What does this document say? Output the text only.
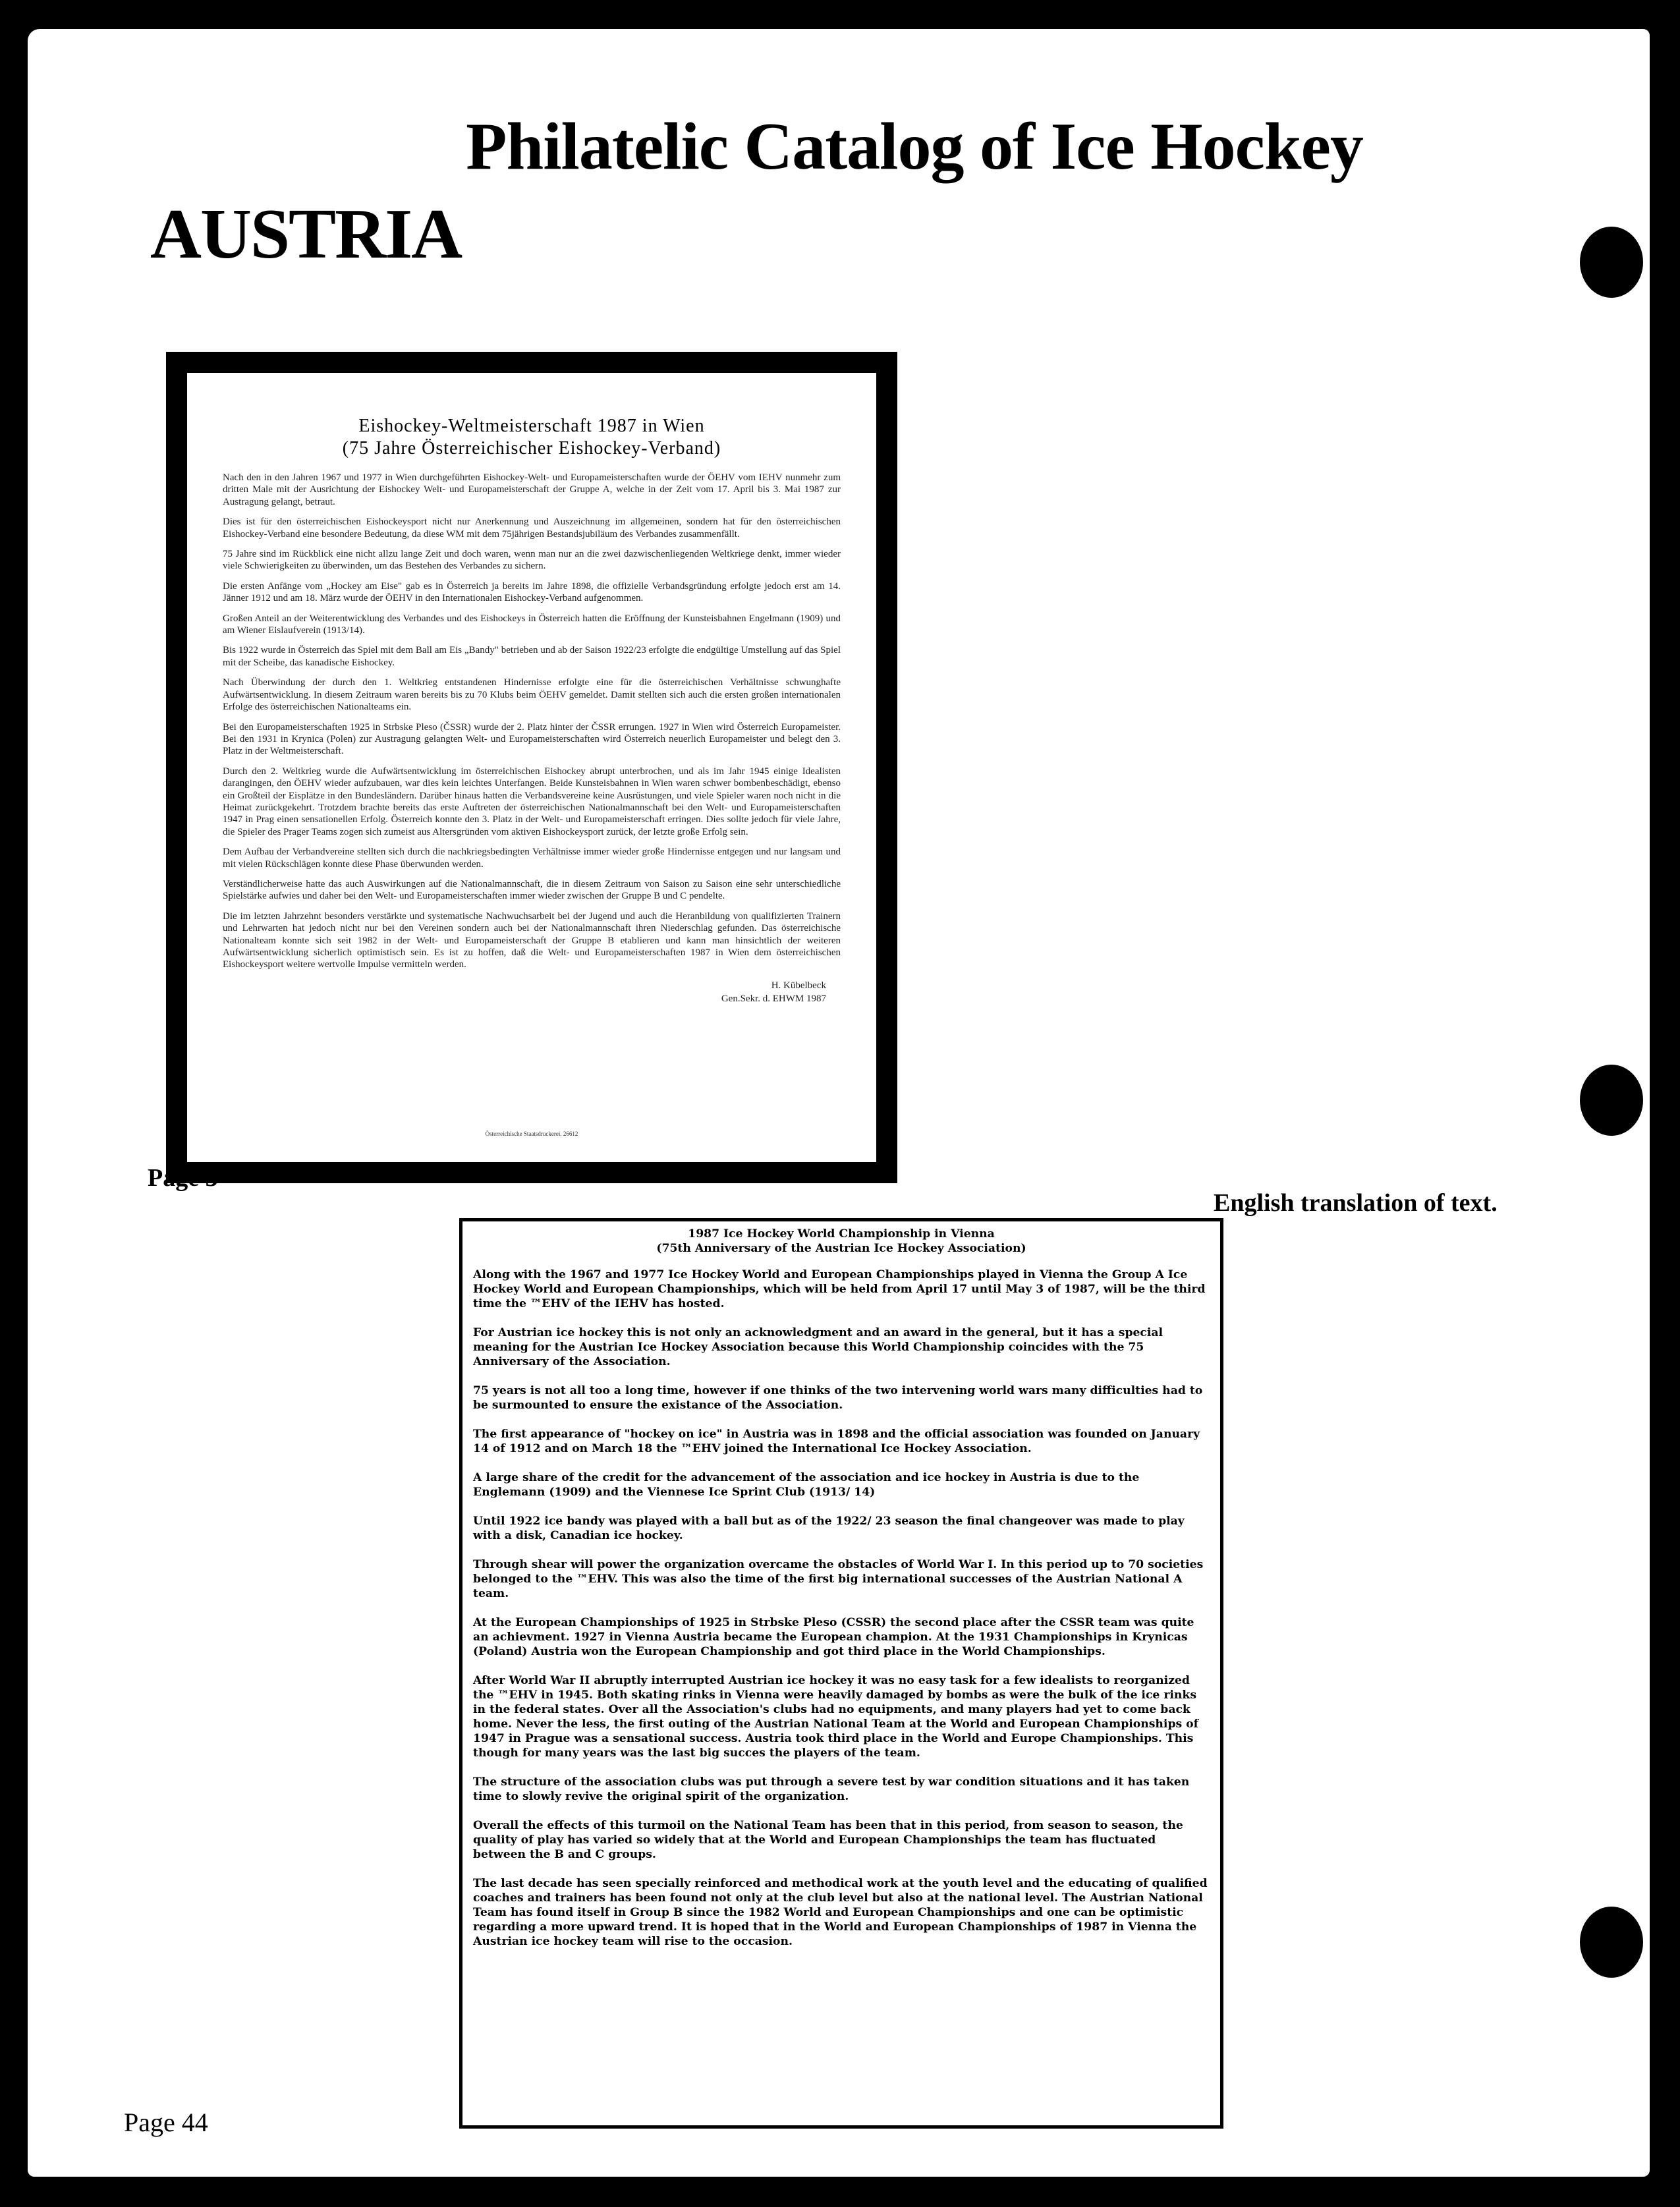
Philatelic Catalog of Ice Hockey
AUSTRIA
Eishockey-Weltmeisterschaft 1987 in Wien
(75 Jahre Österreichischer Eishockey-Verband)

Nach den in den Jahren 1967 und 1977 in Wien durchgeführten Eishockey-Welt- und Europameisterschaften wurde der ÖEHV vom IEHV nunmehr zum dritten Male mit der Ausrichtung der Eishockey Welt- und Europameisterschaft der Gruppe A, welche in der Zeit vom 17. April bis 3. Mai 1987 zur Austragung gelangt, betraut.

Dies ist für den österreichischen Eishockeysport nicht nur Anerkennung und Auszeichnung im allgemeinen, sondern hat für den österreichischen Eishockey-Verband eine besondere Bedeutung, da diese WM mit dem 75jährigen Bestandsjubiläum des Verbandes zusammenfällt.

75 Jahre sind im Rückblick eine nicht allzu lange Zeit und doch waren, wenn man nur an die zwei dazwischenliegenden Weltkriege denkt, immer wieder viele Schwierigkeiten zu überwinden, um das Bestehen des Verbandes zu sichern.

Die ersten Anfänge vom „Hockey am Eise" gab es in Österreich ja bereits im Jahre 1898, die offizielle Verbandsgründung erfolgte jedoch erst am 14. Jänner 1912 und am 18. März wurde der ÖEHV in den Internationalen Eishockey-Verband aufgenommen.

Großen Anteil an der Weiterentwicklung des Verbandes und des Eishockeys in Österreich hatten die Eröffnung der Kunsteisbahnen Engelmann (1909) und am Wiener Eislaufverein (1913/14).

Bis 1922 wurde in Österreich das Spiel mit dem Ball am Eis „Bandy" betrieben und ab der Saison 1922/23 erfolgte die endgültige Umstellung auf das Spiel mit der Scheibe, das kanadische Eishockey.

Nach Überwindung der durch den 1. Weltkrieg entstandenen Hindernisse erfolgte eine für die österreichischen Verhältnisse schwunghafte Aufwärtsentwicklung. In diesem Zeitraum waren bereits bis zu 70 Klubs beim ÖEHV gemeldet. Damit stellten sich auch die ersten großen internationalen Erfolge des österreichischen Nationalteams ein.

Bei den Europameisterschaften 1925 in Strbske Pleso (ČSSR) wurde der 2. Platz hinter der ČSSR errungen. 1927 in Wien wird Österreich Europameister. Bei den 1931 in Krynica (Polen) zur Austragung gelangten Welt- und Europameisterschaften wird Österreich neuerlich Europameister und belegt den 3. Platz in der Weltmeisterschaft.

Durch den 2. Weltkrieg wurde die Aufwärtsentwicklung im österreichischen Eishockey abrupt unterbrochen, und als im Jahr 1945 einige Idealisten darangingen, den ÖEHV wieder aufzubauen, war dies kein leichtes Unterfangen. Beide Kunsteisbahnen in Wien waren schwer bombenbeschädigt, ebenso ein Großteil der Eisplätze in den Bundesländern. Darüber hinaus hatten die Verbandsvereine keine Ausrüstungen, und viele Spieler waren noch nicht in die Heimat zurückgekehrt. Trotzdem brachte bereits das erste Auftreten der österreichischen Nationalmannschaft bei den Welt- und Europameisterschaften 1947 in Prag einen sensationellen Erfolg. Österreich konnte den 3. Platz in der Welt- und Europameisterschaft erringen. Dies sollte jedoch für viele Jahre, die Spieler des Prager Teams zogen sich zumeist aus Altersgründen vom aktiven Eishockeysport zurück, der letzte große Erfolg sein.

Dem Aufbau der Verbandvereine stellten sich durch die nachkriegsbedingten Verhältnisse immer wieder große Hindernisse entgegen und nur langsam und mit vielen Rückschlägen konnte diese Phase überwunden werden.

Verständlicherweise hatte das auch Auswirkungen auf die Nationalmannschaft, die in diesem Zeitraum von Saison zu Saison eine sehr unterschiedliche Spielstärke aufwies und daher bei den Welt- und Europameisterschaften immer wieder zwischen der Gruppe B und C pendelte.

Die im letzten Jahrzehnt besonders verstärkte und systematische Nachwuchsarbeit bei der Jugend und auch die Heranbildung von qualifizierten Trainern und Lehrwarten hat jedoch nicht nur bei den Vereinen sondern auch bei der Nationalmannschaft ihren Niederschlag gefunden. Das österreichische Nationalteam konnte sich seit 1982 in der Welt- und Europameisterschaft der Gruppe B etablieren und kann man hinsichtlich der weiteren Aufwärtsentwicklung sicherlich optimistisch sein. Es ist zu hoffen, daß die Welt- und Europameisterschaften 1987 in Wien dem österreichischen Eishockeysport weitere wertvolle Impulse vermitteln werden.

H. Kübelbeck
Gen.Sekr. d. EHWM 1987
Österreichische Staatsdruckerei. 26612
Page 3
English translation of text.
Page 44

1987 Ice Hockey World Championship in Vienna

(75th Anniversary of the Austrian Ice Hockey Association)

Along with the 1967 and 1977 Ice Hockey World and European Championships played in Vienna the Group A Ice Hockey World and European Championships, which will be held from April 17 until May 3 of 1987, will be the third time the ™EHV of the IEHV has hosted.

For Austrian ice hockey this is not only an acknowledgment and an award in the general, but it has a special meaning for the Austrian Ice Hockey Association because this World Championship coincides with the 75 Anniversary of the Association.

75 years is not all too a long time, however if one thinks of the two intervening world wars many difficulties had to be surmounted to ensure the existance of the Association.

The first appearance of "hockey on ice" in Austria was in 1898 and the official association was founded on January 14 of 1912 and on March 18 the ™EHV joined the International Ice Hockey Association.

A large share of the credit for the advancement of the association and ice hockey in Austria is due to the Englemann (1909) and the Viennese Ice Sprint Club (1913/ 14)

Until 1922 ice bandy was played with a ball but as of the 1922/ 23 season the final changeover was made to play with a disk, Canadian ice hockey.

Through shear will power the organization overcame the obstacles of World War I. In this period up to 70 societies belonged to the ™EHV. This was also the time of the first big international successes of the Austrian National A team.

At the European Championships of 1925 in Strbske Pleso (CSSR) the second place after the CSSR team was quite an achievment. 1927 in Vienna Austria became the European champion. At the 1931 Championships in Krynicas (Poland) Austria won the European Championship and got third place in the World Championships.

After World War II abruptly interrupted Austrian ice hockey it was no easy task for a few idealists to reorganized the ™EHV in 1945. Both skating rinks in Vienna were heavily damaged by bombs as were the bulk of the ice rinks in the federal states. Over all the Association's clubs had no equipments, and many players had yet to come back home. Never the less, the first outing of the Austrian National Team at the World and European Championships of 1947 in Prague was a sensational success. Austria took third place in the World and Europe Championships. This though for many years was the last big succes the players of the team.

The structure of the association clubs was put through a severe test by war condition situations and it has taken time to slowly revive the original spirit of the organization.

Overall the effects of this turmoil on the National Team has been that in this period, from season to season, the quality of play has varied so widely that at the World and European Championships the team has fluctuated between the B and C groups.

The last decade has seen specially reinforced and methodical work at the youth level and the educating of qualified coaches and trainers has been found not only at the club level but also at the national level. The Austrian National Team has found itself in Group B since the 1982 World and European Championships and one can be optimistic regarding a more upward trend. It is hoped that in the World and European Championships of 1987 in Vienna the Austrian ice hockey team will rise to the occasion.
